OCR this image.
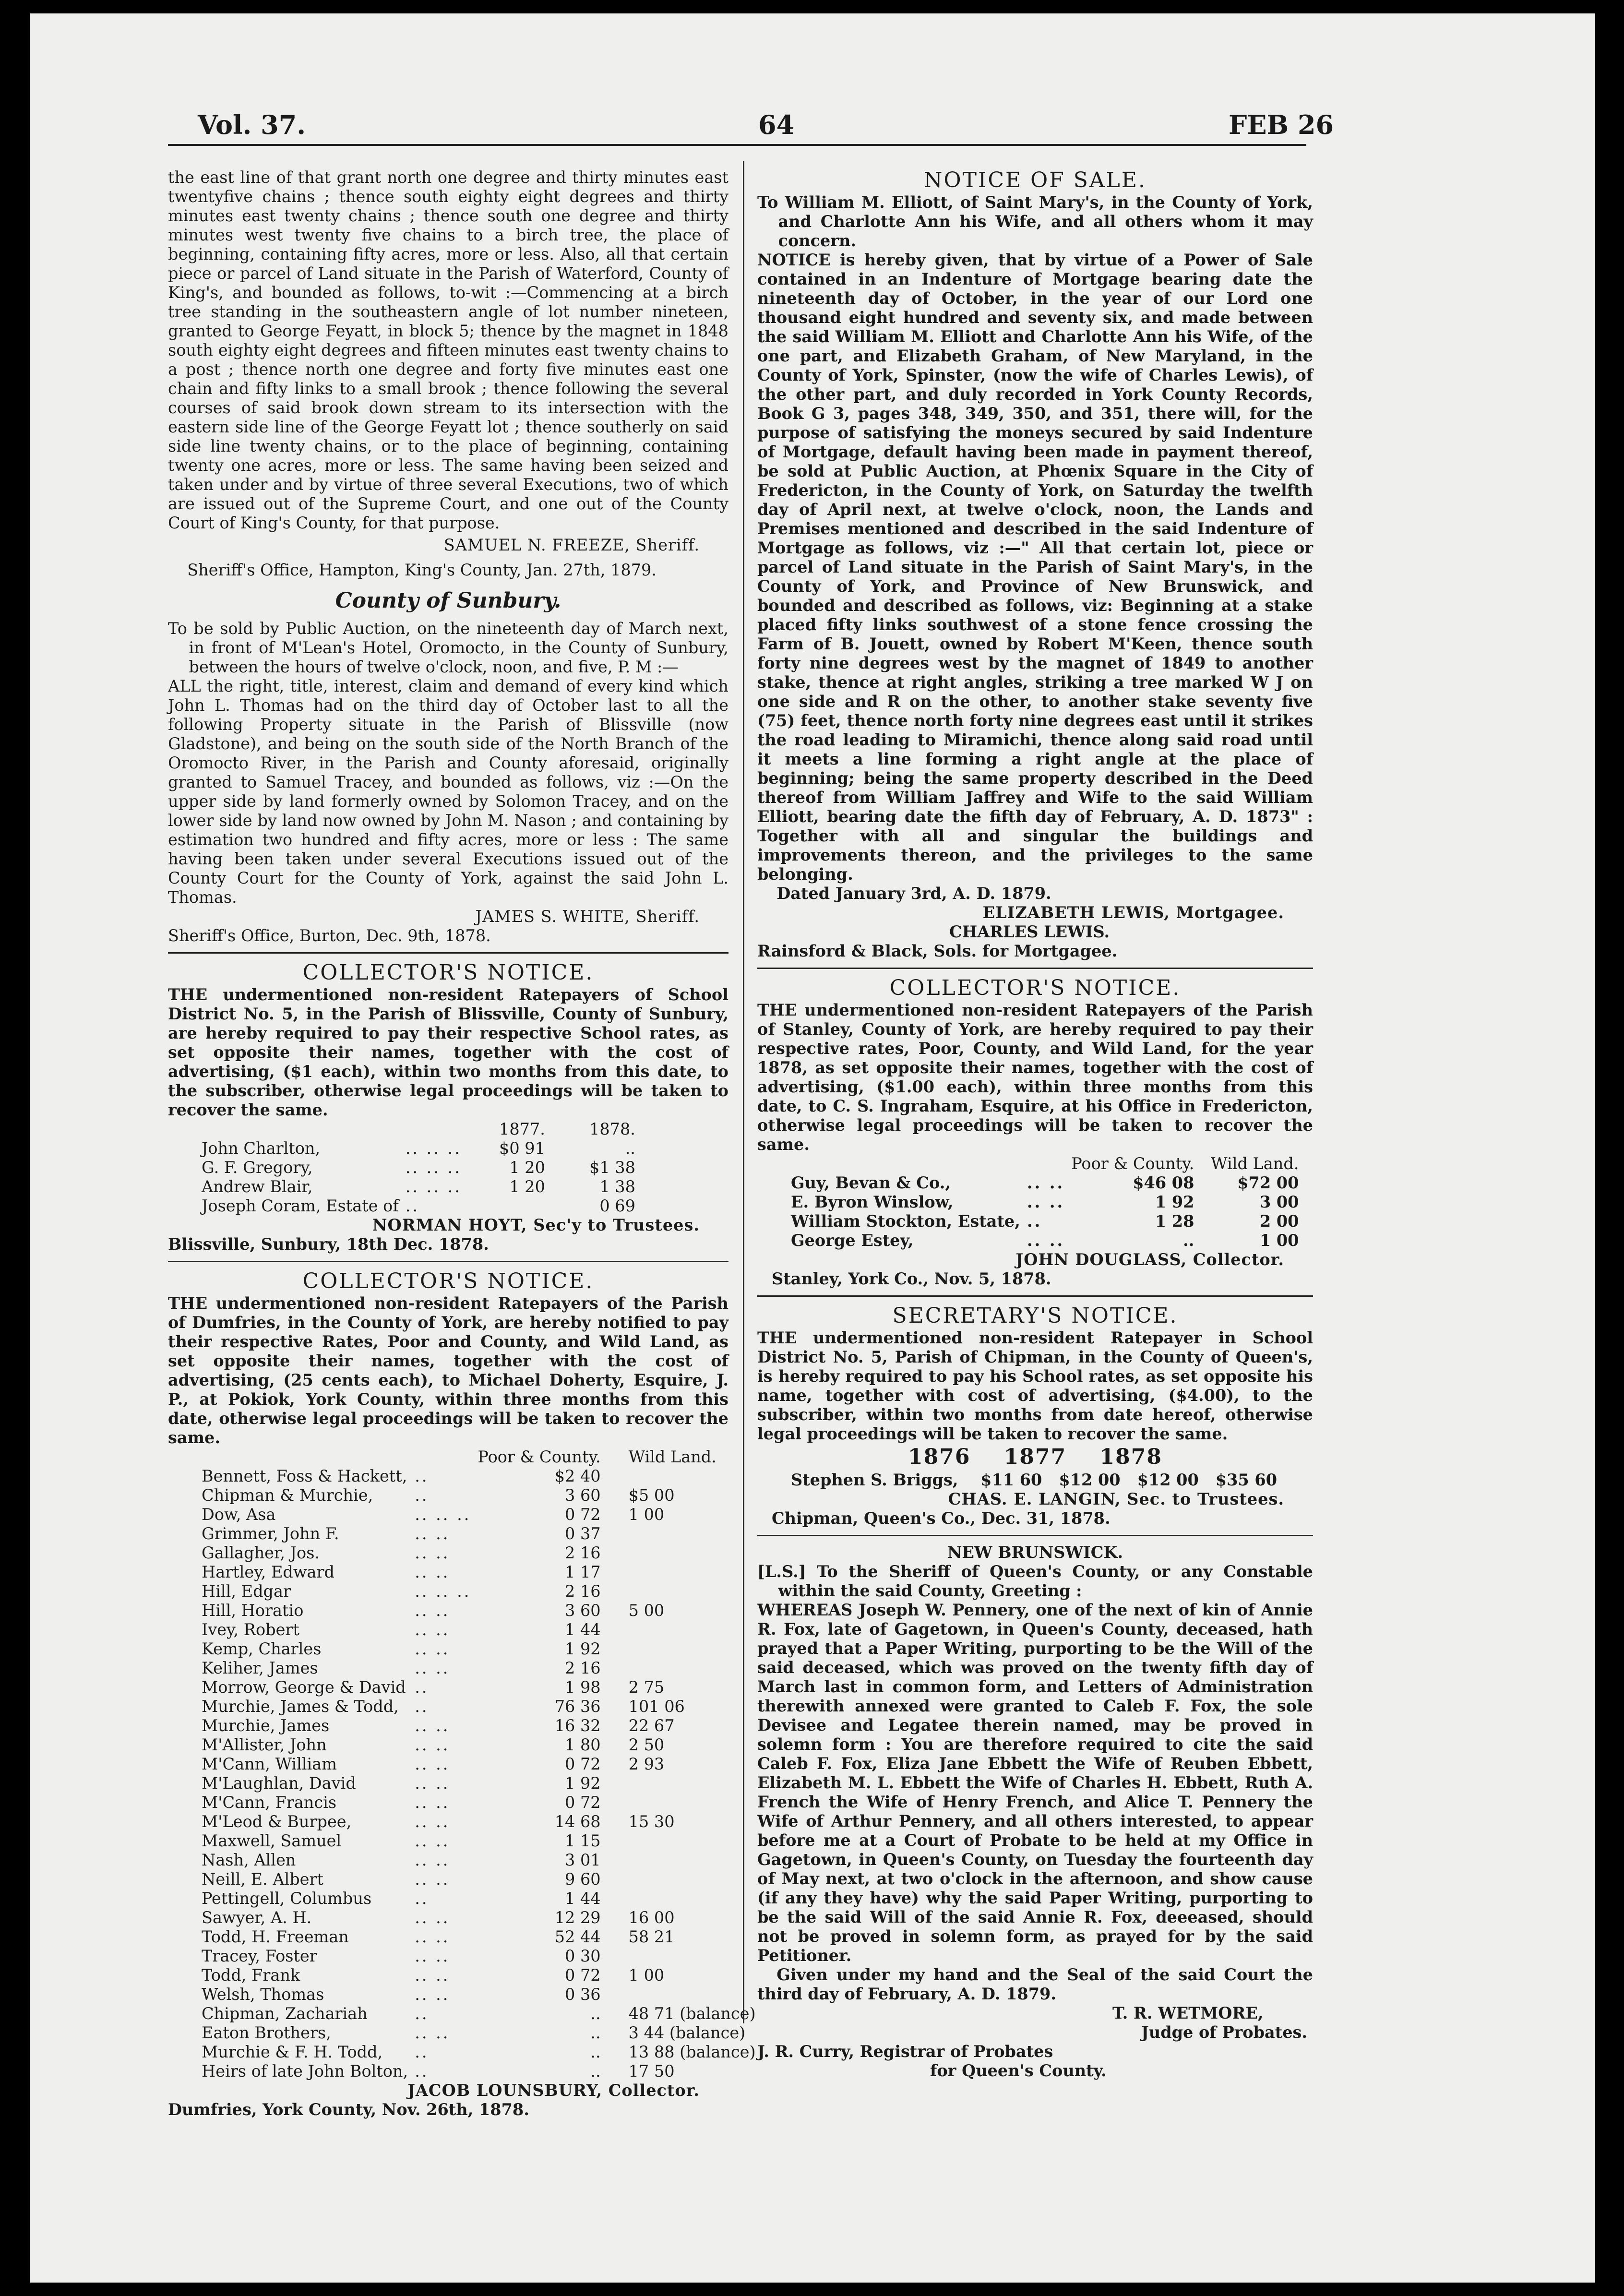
Vol. 37.	64	FEB 26

the east line of that grant north one degree and thirty minutes east twentyfive chains ; thence south eighty eight degrees and thirty minutes east twenty chains ; thence south one degree and thirty minutes west twenty five chains to a birch tree, the place of beginning, containing fifty acres, more or less. Also, all that certain piece or parcel of Land situate in the Parish of Waterford, County of King's, and bounded as follows, to-wit :—Commencing at a birch tree standing in the southeastern angle of lot number nineteen, granted to George Feyatt, in block 5; thence by the magnet in 1848 south eighty eight degrees and fifteen minutes east twenty chains to a post ; thence north one degree and forty five minutes east one chain and fifty links to a small brook ; thence following the several courses of said brook down stream to its intersection with the eastern side line of the George Feyatt lot ; thence southerly on said side line twenty chains, or to the place of beginning, containing twenty one acres, more or less. The same having been seized and taken under and by virtue of three several Executions, two of which are issued out of the Supreme Court, and one out of the County Court of King's County, for that purpose.

SAMUEL N. FREEZE, Sheriff.

Sheriff's Office, Hampton, King's County, Jan. 27th, 1879.

County of Sunbury.

To be sold by Public Auction, on the nineteenth day of March next, in front of M'Lean's Hotel, Oromocto, in the County of Sunbury, between the hours of twelve o'clock, noon, and five, P. M :—

ALL the right, title, interest, claim and demand of every kind which John L. Thomas had on the third day of October last to all the following Property situate in the Parish of Blissville (now Gladstone), and being on the south side of the North Branch of the Oromocto River, in the Parish and County aforesaid, originally granted to Samuel Tracey, and bounded as follows, viz :—On the upper side by land formerly owned by Solomon Tracey, and on the lower side by land now owned by John M. Nason ; and containing by estimation two hundred and fifty acres, more or less : The same having been taken under several Executions issued out of the County Court for the County of York, against the said John L. Thomas.

JAMES S. WHITE, Sheriff.

Sheriff's Office, Burton, Dec. 9th, 1878.

COLLECTOR'S NOTICE.

THE undermentioned non-resident Ratepayers of School District No. 5, in the Parish of Blissville, County of Sunbury, are hereby required to pay their respective School rates, as set opposite their names, together with the cost of advertising, ($1 each), within two months from this date, to the subscriber, otherwise legal proceedings will be taken to recover the same.

		1877.	1878.
John Charlton,	.. .. ..	$0 91	..
G. F. Gregory,	.. .. ..	1 20	$1 38
Andrew Blair,	.. .. ..	1 20	1 38
Joseph Coram, Estate of	..		0 69
NORMAN HOYT, Sec'y to Trustees.

Blissville, Sunbury, 18th Dec. 1878.

COLLECTOR'S NOTICE.

THE undermentioned non-resident Ratepayers of the Parish of Dumfries, in the County of York, are hereby notified to pay their respective Rates, Poor and County, and Wild Land, as set opposite their names, together with the cost of advertising, (25 cents each), to Michael Doherty, Esquire, J. P., at Pokiok, York County, within three months from this date, otherwise legal proceedings will be taken to recover the same.

		Poor & County.	Wild Land.
Bennett, Foss & Hackett,	..	$2 40	
Chipman & Murchie,	..	3 60	$5 00
Dow, Asa	.. .. ..	0 72	1 00
Grimmer, John F.	.. ..	0 37	
Gallagher, Jos.	.. ..	2 16	
Hartley, Edward	.. ..	1 17	
Hill, Edgar	.. .. ..	2 16	
Hill, Horatio	.. ..	3 60	5 00
Ivey, Robert	.. ..	1 44	
Kemp, Charles	.. ..	1 92	
Keliher, James	.. ..	2 16	
Morrow, George & David	..	1 98	2 75
Murchie, James & Todd,	..	76 36	101 06
Murchie, James	.. ..	16 32	22 67
M'Allister, John	.. ..	1 80	2 50
M'Cann, William	.. ..	0 72	2 93
M'Laughlan, David	.. ..	1 92	
M'Cann, Francis	.. ..	0 72	
M'Leod & Burpee,	.. ..	14 68	15 30
Maxwell, Samuel	.. ..	1 15	
Nash, Allen	.. ..	3 01	
Neill, E. Albert	.. ..	9 60	
Pettingell, Columbus	..	1 44	
Sawyer, A. H.	.. ..	12 29	16 00
Todd, H. Freeman	.. ..	52 44	58 21
Tracey, Foster	.. ..	0 30	
Todd, Frank	.. ..	0 72	1 00
Welsh, Thomas	.. ..	0 36	
Chipman, Zachariah	..	..	48 71 (balance)
Eaton Brothers,	.. ..	..	3 44 (balance)
Murchie & F. H. Todd,	..	..	13 88 (balance)
Heirs of late John Bolton,	..	..	17 50
JACOB LOUNSBURY, Collector.

Dumfries, York County, Nov. 26th, 1878.

NOTICE OF SALE.

To William M. Elliott, of Saint Mary's, in the County of York, and Charlotte Ann his Wife, and all others whom it may concern.

NOTICE is hereby given, that by virtue of a Power of Sale contained in an Indenture of Mortgage bearing date the nineteenth day of October, in the year of our Lord one thousand eight hundred and seventy six, and made between the said William M. Elliott and Charlotte Ann his Wife, of the one part, and Elizabeth Graham, of New Maryland, in the County of York, Spinster, (now the wife of Charles Lewis), of the other part, and duly recorded in York County Records, Book G 3, pages 348, 349, 350, and 351, there will, for the purpose of satisfying the moneys secured by said Indenture of Mortgage, default having been made in payment thereof, be sold at Public Auction, at Phœnix Square in the City of Fredericton, in the County of York, on Saturday the twelfth day of April next, at twelve o'clock, noon, the Lands and Premises mentioned and described in the said Indenture of Mortgage as follows, viz :—" All that certain lot, piece or parcel of Land situate in the Parish of Saint Mary's, in the County of York, and Province of New Brunswick, and bounded and described as follows, viz: Beginning at a stake placed fifty links southwest of a stone fence crossing the Farm of B. Jouett, owned by Robert M'Keen, thence south forty nine degrees west by the magnet of 1849 to another stake, thence at right angles, striking a tree marked W J on one side and R on the other, to another stake seventy five (75) feet, thence north forty nine degrees east until it strikes the road leading to Miramichi, thence along said road until it meets a line forming a right angle at the place of beginning; being the same property described in the Deed thereof from William Jaffrey and Wife to the said William Elliott, bearing date the fifth day of February, A. D. 1873" : Together with all and singular the buildings and improvements thereon, and the privileges to the same belonging.

Dated January 3rd, A. D. 1879.

ELIZABETH LEWIS, Mortgagee.
CHARLES LEWIS.

Rainsford & Black, Sols. for Mortgagee.

COLLECTOR'S NOTICE.

THE undermentioned non-resident Ratepayers of the Parish of Stanley, County of York, are hereby required to pay their respective rates, Poor, County, and Wild Land, for the year 1878, as set opposite their names, together with the cost of advertising, ($1.00 each), within three months from this date, to C. S. Ingraham, Esquire, at his Office in Fredericton, otherwise legal proceedings will be taken to recover the same.

		Poor & County.	Wild Land.
Guy, Bevan & Co.,	.. ..	$46 08	$72 00
E. Byron Winslow,	.. ..	1 92	3 00
William Stockton, Estate,	..	1 28	2 00
George Estey,	.. ..	..	1 00
JOHN DOUGLASS, Collector.

Stanley, York Co., Nov. 5, 1878.

SECRETARY'S NOTICE.

THE undermentioned non-resident Ratepayer in School District No. 5, Parish of Chipman, in the County of Queen's, is hereby required to pay his School rates, as set opposite his name, together with cost of advertising, ($4.00), to the subscriber, within two months from date hereof, otherwise legal proceedings will be taken to recover the same.

1876 1877 1878
Stephen S. Briggs, $11 60 $12 00 $12 00 $35 60
CHAS. E. LANGIN, Sec. to Trustees.

Chipman, Queen's Co., Dec. 31, 1878.

NEW BRUNSWICK.

[L.S.] To the Sheriff of Queen's County, or any Constable within the said County, Greeting :

WHEREAS Joseph W. Pennery, one of the next of kin of Annie R. Fox, late of Gagetown, in Queen's County, deceased, hath prayed that a Paper Writing, purporting to be the Will of the said deceased, which was proved on the twenty fifth day of March last in common form, and Letters of Administration therewith annexed were granted to Caleb F. Fox, the sole Devisee and Legatee therein named, may be proved in solemn form : You are therefore required to cite the said Caleb F. Fox, Eliza Jane Ebbett the Wife of Reuben Ebbett, Elizabeth M. L. Ebbett the Wife of Charles H. Ebbett, Ruth A. French the Wife of Henry French, and Alice T. Pennery the Wife of Arthur Pennery, and all others interested, to appear before me at a Court of Probate to be held at my Office in Gagetown, in Queen's County, on Tuesday the fourteenth day of May next, at two o'clock in the afternoon, and show cause (if any they have) why the said Paper Writing, purporting to be the said Will of the said Annie R. Fox, deeeased, should not be proved in solemn form, as prayed for by the said Petitioner.

Given under my hand and the Seal of the said Court the third day of February, A. D. 1879.

T. R. WETMORE,
Judge of Probates.
J. R. Curry, Registrar of Probates
for Queen's County.
